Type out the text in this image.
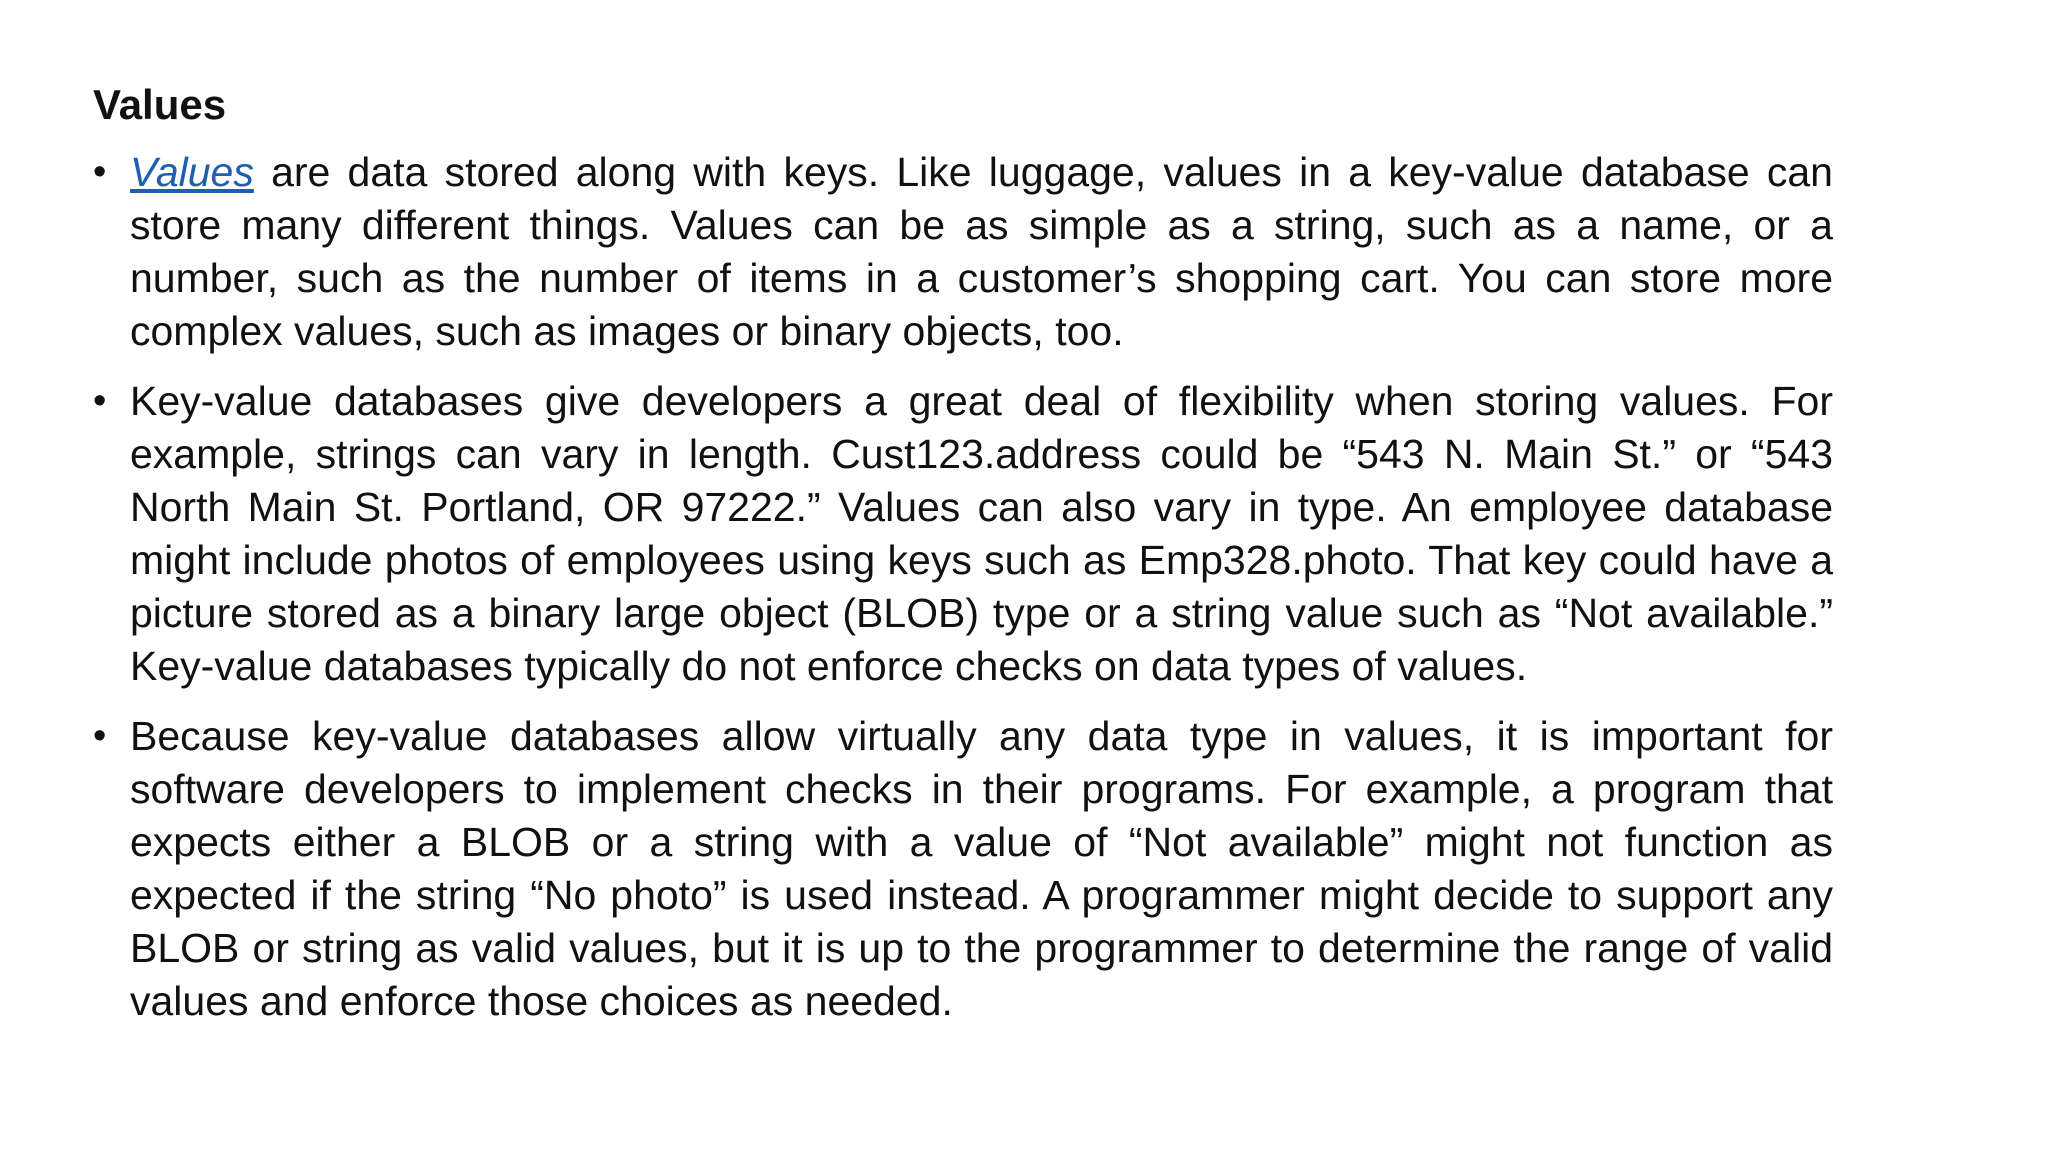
Values
• Values are data stored along with keys. Like luggage, values in a key-value database can store many different things. Values can be as simple as a string, such as a name, or a number, such as the number of items in a customer’s shopping cart. You can store more complex values, such as images or binary objects, too.
• Key-value databases give developers a great deal of flexibility when storing values. For example, strings can vary in length. Cust123.address could be “543 N. Main St.” or “543 North Main St. Portland, OR 97222.” Values can also vary in type. An employee database might include photos of employees using keys such as Emp328.photo. That key could have a picture stored as a binary large object (BLOB) type or a string value such as “Not available.” Key-value databases typically do not enforce checks on data types of values.
• Because key-value databases allow virtually any data type in values, it is important for software developers to implement checks in their programs. For example, a program that expects either a BLOB or a string with a value of “Not available” might not function as expected if the string “No photo” is used instead. A programmer might decide to support any BLOB or string as valid values, but it is up to the programmer to determine the range of valid values and enforce those choices as needed.
